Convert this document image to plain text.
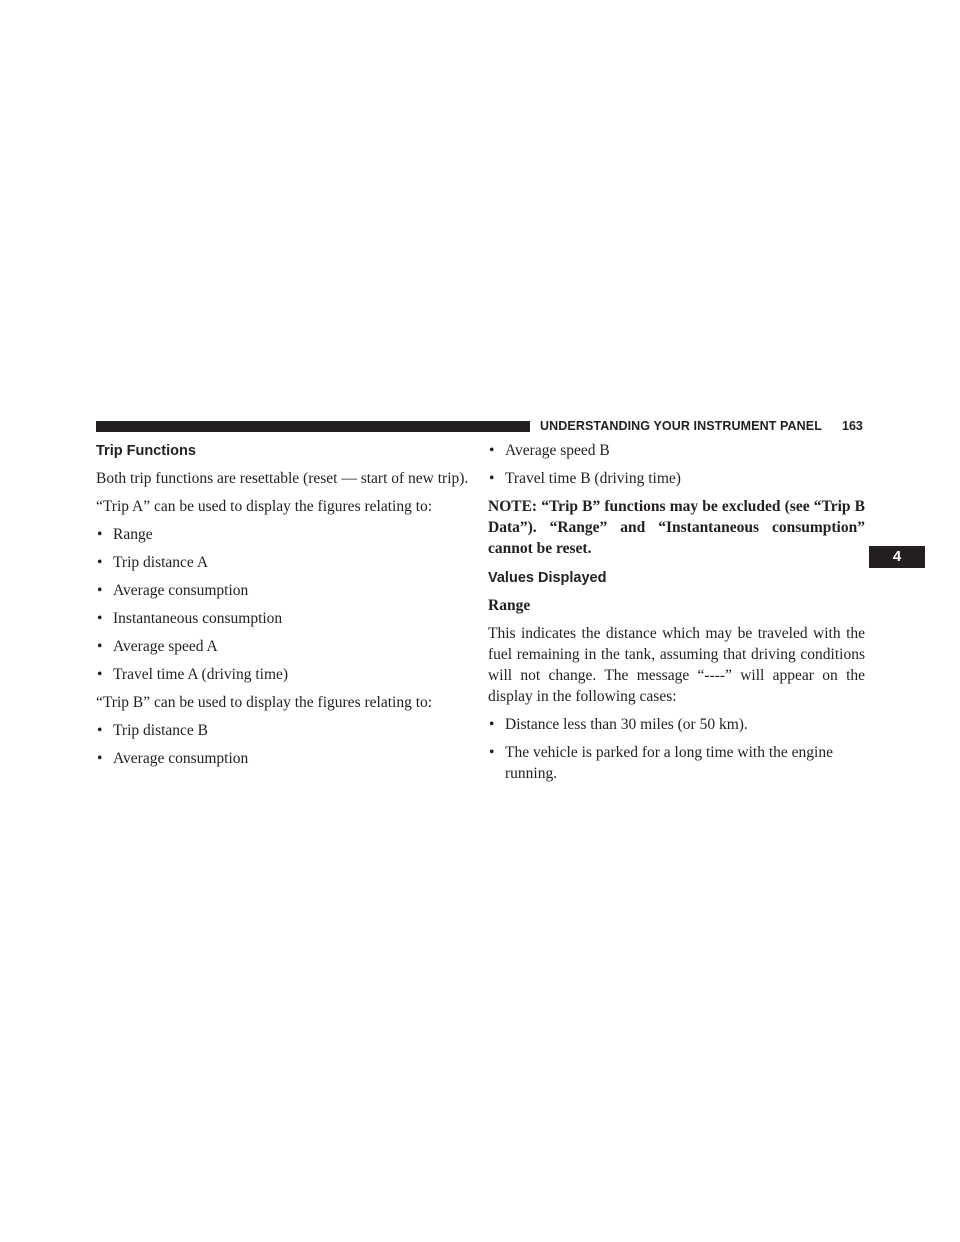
UNDERSTANDING YOUR INSTRUMENT PANEL 163
4
Trip Functions

Both trip functions are resettable (reset — start of new trip).

“Trip A” can be used to display the figures relating to:

• Range

• Trip distance A

• Average consumption

• Instantaneous consumption

• Average speed A

• Travel time A (driving time)

“Trip B” can be used to display the figures relating to:

• Trip distance B

• Average consumption

• Average speed B

• Travel time B (driving time)

NOTE: “Trip B” functions may be excluded (see “Trip B Data”). “Range” and “Instantaneous consumption” cannot be reset.

Values Displayed

Range

This indicates the distance which may be traveled with the fuel remaining in the tank, assuming that driving conditions will not change. The message “----” will appear on the display in the following cases:

• Distance less than 30 miles (or 50 km).

• The vehicle is parked for a long time with the engine running.
